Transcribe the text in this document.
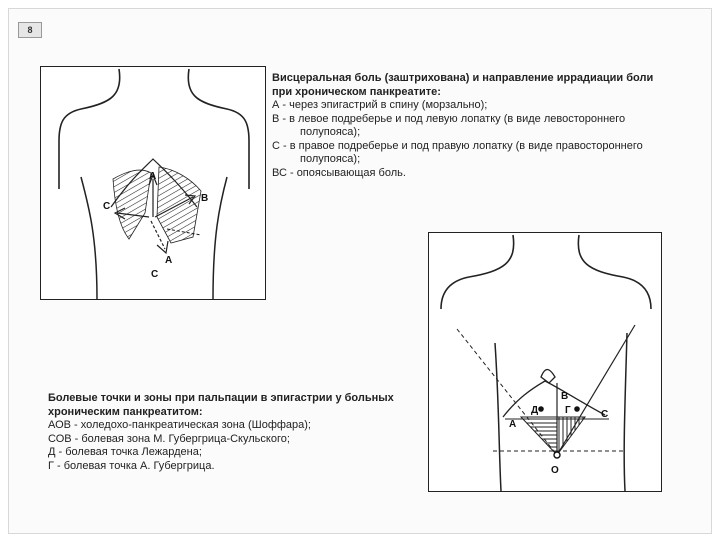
8
A
B
C
A
C
Висцеральная боль (заштрихована) и направление иррадиации боли
при хроническом панкреатите:
А - через эпигастрий в спину (морзально);
В - в левое подреберье и под левую лопатку (в виде левостороннего
полупояса);
С - в правое подреберье и под правую лопатку (в виде правостороннего
полупояса);
ВС - опоясывающая боль.
А
В
С
Д	Г
О
Болевые точки и зоны при пальпации в эпигастрии у больных
хроническим панкреатитом:
АОВ - холедохо-панкреатическая зона (Шоффара);
СОВ - болевая зона М. Губергрица-Скульского;
Д - болевая точка Лежардена;
Г - болевая точка А. Губергрица.
